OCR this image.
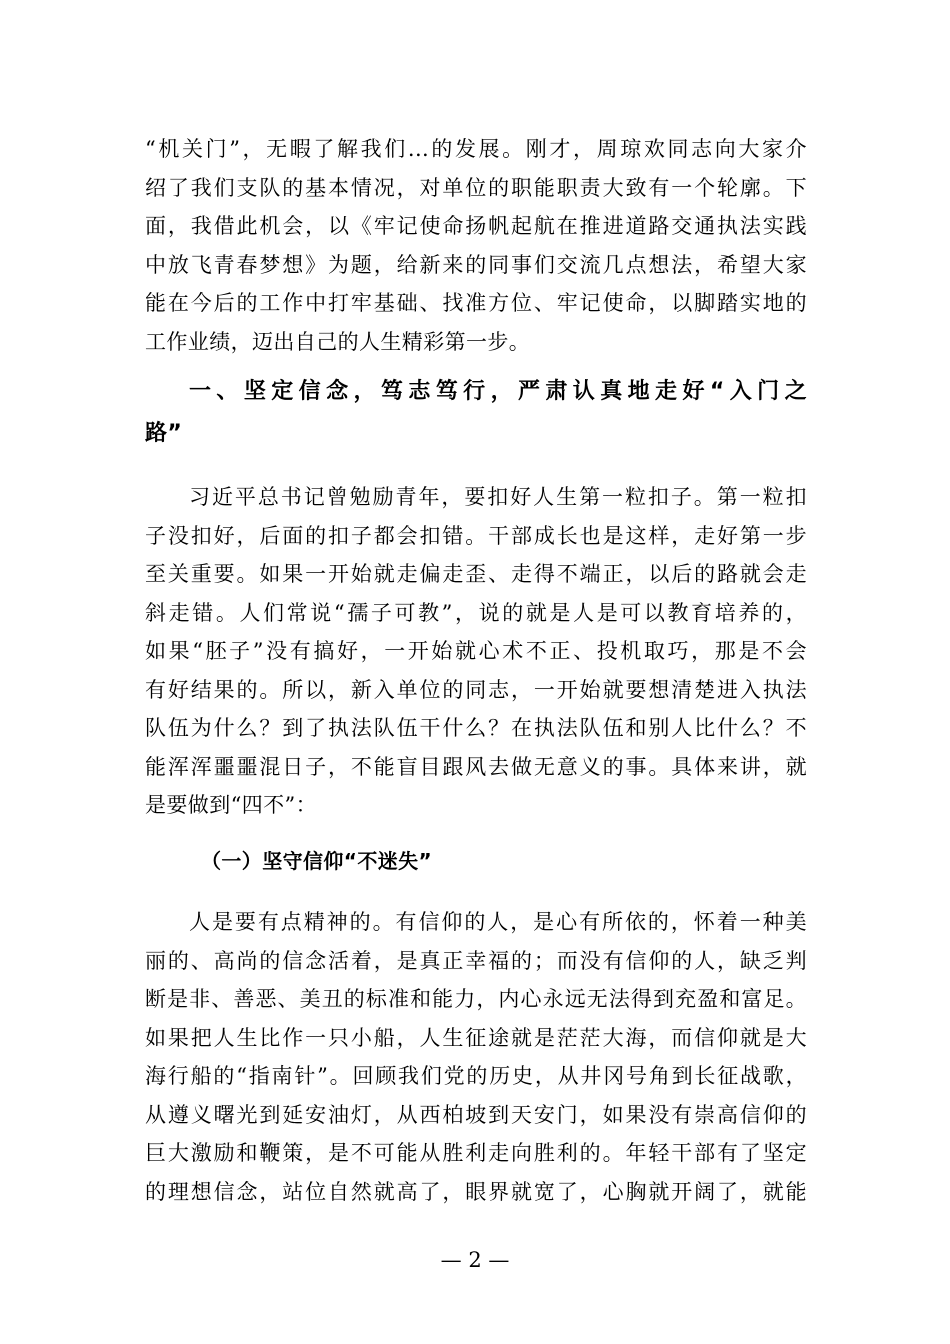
“机关门”，无暇了解我们...的发展。刚才，周琼欢同志向大家介
绍了我们支队的基本情况，对单位的职能职责大致有一个轮廓。下
面，我借此机会，以《牢记使命扬帆起航在推进道路交通执法实践
中放飞青春梦想》为题，给新来的同事们交流几点想法，希望大家
能在今后的工作中打牢基础、找准方位、牢记使命，以脚踏实地的
工作业绩，迈出自己的人生精彩第一步。
一、坚定信念，笃志笃行，严肃认真地走好“入门之
路”
习近平总书记曾勉励青年，要扣好人生第一粒扣子。第一粒扣
子没扣好，后面的扣子都会扣错。干部成长也是这样，走好第一步
至关重要。如果一开始就走偏走歪、走得不端正，以后的路就会走
斜走错。人们常说“孺子可教”，说的就是人是可以教育培养的，
如果“胚子”没有搞好，一开始就心术不正、投机取巧，那是不会
有好结果的。所以，新入单位的同志，一开始就要想清楚进入执法
队伍为什么？到了执法队伍干什么？在执法队伍和别人比什么？不
能浑浑噩噩混日子，不能盲目跟风去做无意义的事。具体来讲，就
是要做到“四不”：
（一）坚守信仰“不迷失”
人是要有点精神的。有信仰的人，是心有所依的，怀着一种美
丽的、高尚的信念活着，是真正幸福的；而没有信仰的人，缺乏判
断是非、善恶、美丑的标准和能力，内心永远无法得到充盈和富足。
如果把人生比作一只小船，人生征途就是茫茫大海，而信仰就是大
海行船的“指南针”。回顾我们党的历史，从井冈号角到长征战歌，
从遵义曙光到延安油灯，从西柏坡到天安门，如果没有崇高信仰的
巨大激励和鞭策，是不可能从胜利走向胜利的。年轻干部有了坚定
的理想信念，站位自然就高了，眼界就宽了，心胸就开阔了，就能
— 2 —
